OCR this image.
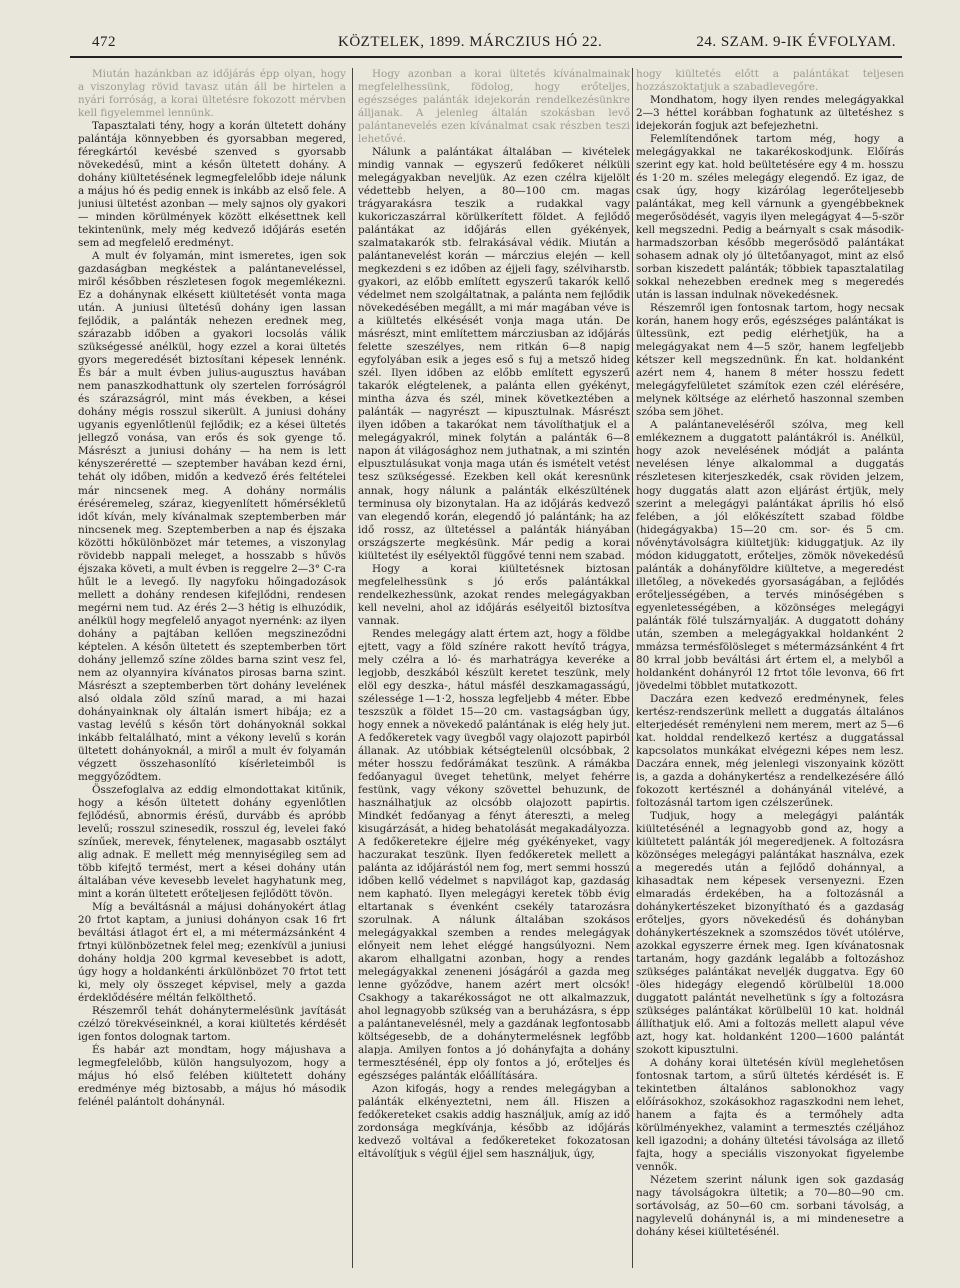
472	KÖZTELEK, 1899. MÁRCZIUS HÓ 22.	24. SZAM. 9-IK ÉVFOLYAM.

Miután hazánkban az időjárás épp olyan, hogy a viszonylag rövid tavasz után áll be hirtelen a nyári forróság, a korai ültetésre fokozott mérvben kell figyelemmel lennünk.

Tapasztalati tény, hogy a korán ültetett dohány palántája könnyebben és gyorsabban megered, féregkártól kevésbé szenved s gyorsabb növekedésű, mint a későn ültetett dohány. A dohány kiültetésének legmegfelelőbb ideje nálunk a május hó és pedig ennek is inkább az első fele. A juniusi ültetést azonban — mely sajnos oly gyakori — minden körülmények között elkésettnek kell tekintenünk, mely még kedvező időjárás esetén sem ad megfelelő eredményt.

A mult év folyamán, mint ismeretes, igen sok gazdaságban megkéstek a palántaneveléssel, miről későbben részletesen fogok megemlékezni. Ez a dohánynak elkésett kiültetését vonta maga után. A juniusi ültetésű dohány igen lassan fejlődik, a palánták nehezen erednek meg, szárazabb időben a gyakori locsolás válik szükségessé anélkül, hogy ezzel a korai ültetés gyors megeredését biztosítani képesek lennénk. És bár a mult évben julius-augusztus havában nem panaszkodhattunk oly szertelen forróságról és szárazságról, mint más években, a kései dohány mégis rosszul sikerült. A juniusi dohány ugyanis egyenlőtlenül fejlődik; ez a kései ültetés jellegző vonása, van erős és sok gyenge tő. Másrészt a juniusi dohány — ha nem is lett kényszeréretté — szeptember havában kezd érni, tehát oly időben, midőn a kedvező érés feltételei már nincsenek meg. A dohány normális éréséremeleg, száraz, kiegyenlített hőmérsékletű időt kíván, mely kívánalmak szeptemberben már nincsenek meg. Szeptemberben a nap és éjszaka közötti hőkülönbözet már tetemes, a viszonylag rövidebb nappali meleget, a hosszabb s hűvös éjszaka követi, a mult évben is reggelre 2—3° C-ra hűlt le a levegő. Ily nagyfoku hőingadozások mellett a dohány rendesen kifejlődni, rendesen megérni nem tud. Az érés 2—3 hétig is elhuzódik, anélkül hogy megfelelő anyagot nyernénk: az ilyen dohány a pajtában kellően megszineződni képtelen. A későn ültetett és szeptemberben tört dohány jellemző színe zöldes barna szint vesz fel, nem az olyannyira kívánatos pirosas barna szint. Másrészt a szeptemberben tört dohány levelének alsó oldala zöld színű marad, a mi hazai dohányainknak oly általán ismert hibája; ez a vastag levélű s későn tört dohányoknál sokkal inkább feltalálható, mint a vékony levelű s korán ültetett dohányoknál, a miről a mult év folyamán végzett összehasonlító kísérleteimből is meggyőződtem.

Összefoglalva az eddig elmondottakat kitűnik, hogy a későn ültetett dohány egyenlőtlen fejlődésű, abnormis érésű, durvább és apróbb levelű; rosszul szinesedik, rosszul ég, levelei fakó színűek, merevek, fényteleneк, magasabb osztályt alig adnak. E mellett még mennyiségileg sem ad több kifejtő termést, mert a kései dohány után általában véve kevesebb levelet hagyhatunk meg, mint a korán ültetett erőteljesen fejlődött tövön.

Míg a beváltásnál a májusi dohányokért átlag 20 frtot kaptam, a juniusi dohányon csak 16 frt beváltási átlagot ért el, a mi métermázsánként 4 frtnyi különbözetnek felel meg; ezenkívül a juniusi dohány holdja 200 kgrmal kevesebbet is adott, úgy hogy a holdankénti árkülönbözet 70 frtot tett ki, mely oly összeget képvisel, mely a gazda érdeklődésére méltán felkölthető.

Részemről tehát dohánytermelésünk javítását czélzó törekvéseinknél, a korai kiültetés kérdését igen fontos dolognak tartom.

És habár azt mondtam, hogy májushava a legmegfelelőbb, külön hangsulyozom, hogy a május hó első felében kiültetett dohány eredménye még biztosabb, a május hó második felénél palántolt dohánynál.

Hogy azonban a korai ültetés kívánalmainak megfelelhessünk, födolog, hogy erőteljes, egészséges palánták idejekorán rendelkezésünkre álljanak. A jelenleg általán szokásban levő palántanevelés ezen kívánalmat csak részben teszi lehetővé.

Nálunk a palántákat általában — kivételek mindig vannak — egyszerű fedőkeret nélküli melegágyakban neveljük. Az ezen czélra kijelölt védettebb helyen, a 80—100 cm. magas trágyarakásra teszik a rudakkal vagy kukoriczaszárral körülkerített földet. A fejlődő palántákat az időjárás ellen gyékények, szalmatakarók stb. felrakásával védik. Miután a palántanevelést korán — márczius elején — kell megkezdeni s ez időben az éjjeli fagy, szélviharstb. gyakori, az előbb említett egyszerű takarók kellő védelmet nem szolgáltatnak, a palánta nem fejlődik növekedésében megállt, a mi már magában véve is a kiültetés elkésését vonja maga után. De másrészt, mint említettem márcziusban az időjárás felette szeszélyes, nem ritkán 6—8 napig egyfolyában esik a jeges eső s fuj a metsző hideg szél. Ilyen időben az előbb említett egyszerű takarók elégtelenek, a palánta ellen gyékényt, mintha ázva és szél, minek következtében a palánták — nagyrészt — kipusztulnak. Másrészt ilyen időben a takarókat nem távolíthatjuk el a melegágyakról, minek folytán a palánták 6—8 napon át világosághoz nem juthatnak, a mi szintén elpusztulásukat vonja maga után és ismételt vetést tesz szükségessé. Ezekben kell okát keresnünk annak, hogy nálunk a palánták elkészültének terminusa oly bizonytalan. Ha az időjárás kedvező van elegendő korán, elegendő jó palántánk; ha az idő rossz, az ültetéssel a palánták hiányában országszerte megkésünk. Már pedig a korai kiültetést ily esélyektől függővé tenni nem szabad.

Hogy a korai kiültetésnek biztosan megfelelhessünk s jó erős palántákkal rendelkezhessünk, azokat rendes melegágyakban kell nevelni, ahol az időjárás esélyeitől biztosítva vannak.

Rendes melegágy alatt értem azt, hogy a földbe ejtett, vagy a föld színére rakott hevítő trágya, mely czélra a ló- és marhatrágya keveréke a legjobb, deszkából készült keretet teszünk, mely elöl egy deszka-, hátul másfél deszkamagasságú, szélessége 1—1·2, hossza legfeljebb 4 méter. Ebbe teszszük a földet 15—20 cm. vastagságban úgy, hogy ennek a növekedő palántának is elég hely jut. A fedőkeretek vagy üvegből vagy olajozott papirból állanak. Az utóbbiak kétségtelenül olcsóbbak, 2 méter hosszu fedőrámákat teszünk. A rámákba fedőanyagul üveget tehetünk, melyet fehérre festünk, vagy vékony szövettel behuzunk, de használhatjuk az olcsóbb olajozott papirtis. Mindkét fedőanyag a fényt átereszti, a meleg kisugárzását, a hideg behatolását megakadályozza. A fedőkeretekre éjjelre még gyékényeket, vagy haczurakat teszünk. Ilyen fedőkeretek mellett a palánta az időjárástól nem fog, mert semmi hosszú időben kellő védelmet s napvilágot kap, gazdaság nem kapható. Ilyen melegágyi keretek több évig eltartanak s évenként csekély tatarozásra szorulnak. A nálunk általában szokásos melegágyakkal szemben a rendes melegágyak előnyeit nem lehet eléggé hangsúlyozni. Nem akarom elhallgatni azonban, hogy a rendes melegágyakkal zeneneni jóságáról a gazda meg lenne győződve, hanem azért mert olcsók! Csakhogy a takarékosságot ne ott alkalmazzuk, ahol legnagyobb szükség van a beruházásra, s épp a palántanevelésnél, mely a gazdának legfontosabb költségesebb, de a dohánytermelésnek legfőbb alapja. Amilyen fontos a jó dohányfajta a dohány termesztésénél, épp oly fontos a jó, erőteljes és egészséges palánták előállítására.

Azon kifogás, hogy a rendes melegágyban a palánták elkényeztetni, nem áll. Hiszen a fedőkereteket csakis addig használjuk, amíg az idő zordonsága megkívánja, később az időjárás kedvező voltával a fedőkereteket fokozatosan eltávolítjuk s végül éjjel sem használjuk, úgy,

hogy kiültetés előtt a palántákat teljesen hozzászoktatjuk a szabadlevegőre.

Mondhatom, hogy ilyen rendes melegágyakkal 2—3 héttel korábban foghatunk az ültetéshez s idejekorán fogjuk azt befejezhetni.

Felemlítendőnek tartom még, hogy a melegágyakkal ne takarékoskodjunk. Előírás szerint egy kat. hold beültetésére egy 4 m. hosszu és 1·20 m. széles melegágy elegendő. Ez igaz, de csak úgy, hogy kizárólag legerőteljesebb palántákat, meg kell várnunk a gyengébbeknek megerősödését, vagyis ilyen melegágyat 4—5-ször kell megszedni. Pedig a beárnyalt s csak második-harmadszorban később megerősödő palántákat sohasem adnak oly jó ültetőanyagot, mint az első sorban kiszedett palánták; többiek tapasztalatilag sokkal nehezebben erednek meg s megeredés után is lassan indulnak növekedésnek.

Részemről igen fontosnak tartom, hogy necsak korán, hanem hogy erős, egészséges palántákat is ültessünk, ezt pedig elérhetjük, ha a melegágyakat nem 4—5 ször, hanem legfeljebb kétszer kell megszednünk. Én kat. holdanként azért nem 4, hanem 8 méter hosszu fedett melegágyfelületet számítok ezen czél elérésére, melynek költsége az elérhető haszonnal szemben szóba sem jöhet.

A palántaneveléséről szólva, meg kell emlékeznem a duggatott palántákról is. Anélkül, hogy azok nevelésének módját a palánta nevelésen lénye alkalommal a duggatás részletesen kiterjeszkedék, csak röviden jelzem, hogy duggatás alatt azon eljárást értjük, mely szerint a melegágyi palántákat április hó első felében, a jól előkészített szabad földbe (hidegágyakba) 15—20 cm. sor- és 5 cm. nővénytávolságra kiültetjük: kiduggatjuk. Az ily módon kiduggatott, erőteljes, zömök növekedésű palánták a dohányföldre kiültetve, a megeredést illetőleg, a növekedés gyorsaságában, a fejlődés erőteljességében, a tervés minőségében s egyenletességében, a közönséges melegágyi palánták fölé tulszárnyaljáк. A duggatott dohány után, szemben a melegágyakkal holdanként 2 mmázsa termésfölösleget s métermázsánként 4 frt 80 krral jobb beváltási árt értem el, a melyből a holdanként dohányról 12 frtot tőle levonva, 66 frt jövedelmi többlet mutatkozott.

Daczára ezen kedvező eredménynek, feles kertész-rendszerünk mellett a duggatás általános elterjedését reményleni nem merem, mert az 5—6 kat. holddal rendelkező kertész a duggatással kapcsolatos munkákat elvégezni képes nem lesz. Daczára ennek, még jelenlegi viszonyaink között is, a gazda a dohánykertész a rendelkezésére álló fokozott kertésznél a dohányánál vitelévé, a foltozásnál tartom igen czélszerűnek.

Tudjuk, hogy a melegágyi palánták kiültetésénél a legnagyobb gond az, hogy a kiültetett palánták jól megeredjenek. A foltozásra közönséges melegágyi palántákat használva, ezek a megeredés után a fejlődő dohánnyal, a kihasadtak nem képesek versenyezni. Ezen elmaradás érdekében, ha a foltozásnál a dohánykertészeket bizonyítható és a gazdaság erőteljes, gyors növekedésű és dohányban dohánykertészeknek a szomszédos tövét utólérve, azokkal egyszerre érnek meg. Igen kívánatosnak tartanám, hogy gazdánk legalább a foltozáshoz szükséges palántákat neveljék duggatva. Egy 60 -öles hidegágy elegendő körülbelül 18.000 duggatott palántát nevelhetünk s így a foltozásra szükséges palántákat körülbelül 10 kat. holdnál állíthatjuk elő. Ami a foltozás mellett alapul véve azt, hogy kat. holdanként 1200—1600 palántát szokott kipusztulni.

A dohány korai ültetésén kívül meglehetősen fontosnak tartom, a sűrű ültetés kérdését is. E tekintetben általános sablonokhoz vagy előírásokhoz, szokásokhoz ragaszkodni nem lehet, hanem a fajta és a termőhely adta körülményekhez, valamint a termesztés czéljához kell igazodni; a dohány ültetési távolsága az illető fajta, hogy a speciális viszonyokat figyelembe vennők.

Nézetem szerint nálunk igen sok gazdaság nagy távolságokra ültetik; a 70—80—90 cm. sortávolság, az 50—60 cm. sorbani távolság, a nagylevelű dohánynál is, a mi mindenesetre a dohány kései kiültetésénél.
